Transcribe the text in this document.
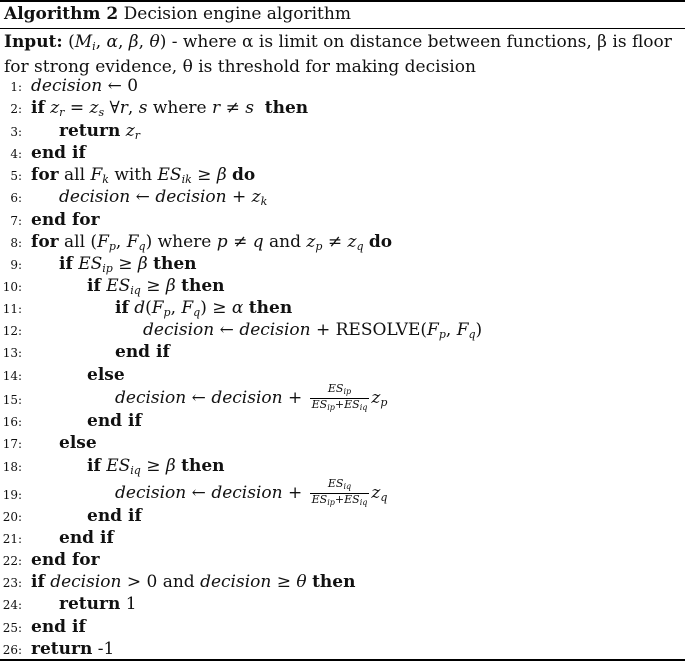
Algorithm 2 Decision engine algorithm
Input: ($M_i$, α, β, θ) - where α is limit on distance between functions, β is floor for strong evidence, θ is threshold for making decision
1: decision ← 0
2: if $z_r = z_s$ ∀r, s where r ≠ s then
3: return $z_r$
4: end if
5: for all $F_k$ with $ES_{ik} \ge \beta$ do
6: decision ← decision + $z_k$
7: end for
8: for all ($F_p$, $F_q$) where p ≠ q and $z_p \ne z_q$ do
9: if $ES_{ip} \ge \beta$ then
10:	if $ES_{iq} \ge \beta$ then
11:	if $d(F_p$, $F_q) \ge \alpha$ then
12:	decision ← decision + $RESOLVE(F_p$, $F_q$)
13:	end if
14:	else
15:	decision ← decision + $\frac{ES_{ip}}{ES_{ip}+ES_{iq}} z_p$
16:	end if
17: else
18:	if $ES_{iq} \ge \beta$ then
19:	decision ← decision + $\frac{ES_{iq}}{ES_{ip}+ES_{iq}} z_q$
20:	end if
21: end if
22: end for
23: if decision > 0 and decision ≥ θ then
24: return 1
25: end if
26: return -1
